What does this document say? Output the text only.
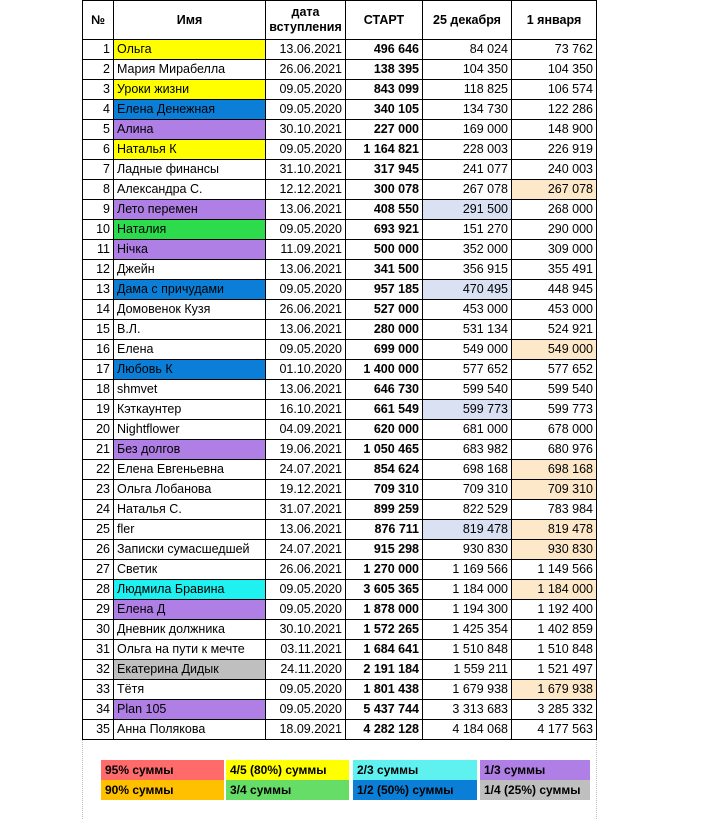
№	Имя	дата
вступления	СТАРТ	25 декабря	1 января
1	Ольга	13.06.2021	496 646	84 024	73 762
2	Мария Мирабелла	26.06.2021	138 395	104 350	104 350
3	Уроки жизни	09.05.2020	843 099	118 825	106 574
4	Елена Денежная	09.05.2020	340 105	134 730	122 286
5	Алина	30.10.2021	227 000	169 000	148 900
6	Наталья К	09.05.2020	1 164 821	228 003	226 919
7	Ладные финансы	31.10.2021	317 945	241 077	240 003
8	Александра С.	12.12.2021	300 078	267 078	267 078
9	Лето перемен	13.06.2021	408 550	291 500	268 000
10	Наталия	09.05.2020	693 921	151 270	290 000
11	Нічка	11.09.2021	500 000	352 000	309 000
12	Джейн	13.06.2021	341 500	356 915	355 491
13	Дама с причудами	09.05.2020	957 185	470 495	448 945
14	Домовенок Кузя	26.06.2021	527 000	453 000	453 000
15	В.Л.	13.06.2021	280 000	531 134	524 921
16	Елена	09.05.2020	699 000	549 000	549 000
17	Любовь К	01.10.2020	1 400 000	577 652	577 652
18	shmvet	13.06.2021	646 730	599 540	599 540
19	Кэткаунтер	16.10.2021	661 549	599 773	599 773
20	Nightflower	04.09.2021	620 000	681 000	678 000
21	Без долгов	19.06.2021	1 050 465	683 982	680 976
22	Елена Евгеньевна	24.07.2021	854 624	698 168	698 168
23	Ольга Лобанова	19.12.2021	709 310	709 310	709 310
24	Наталья С.	31.07.2021	899 259	822 529	783 984
25	fler	13.06.2021	876 711	819 478	819 478
26	Записки сумасшедшей	24.07.2021	915 298	930 830	930 830
27	Светик	26.06.2021	1 270 000	1 169 566	1 149 566
28	Людмила Бравина	09.05.2020	3 605 365	1 184 000	1 184 000
29	Елена Д	09.05.2020	1 878 000	1 194 300	1 192 400
30	Дневник должника	30.10.2021	1 572 265	1 425 354	1 402 859
31	Ольга на пути к мечте	03.11.2021	1 684 641	1 510 848	1 510 848
32	Екатерина Дидык	24.11.2020	2 191 184	1 559 211	1 521 497
33	Тётя	09.05.2020	1 801 438	1 679 938	1 679 938
34	Plan 105	09.05.2020	5 437 744	3 313 683	3 285 332
35	Анна Полякова	18.09.2021	4 282 128	4 184 068	4 177 563
95% суммы
90% суммы
4/5 (80%) суммы
3/4 суммы
2/3 суммы
1/2 (50%) суммы
1/3 суммы
1/4 (25%) суммы
